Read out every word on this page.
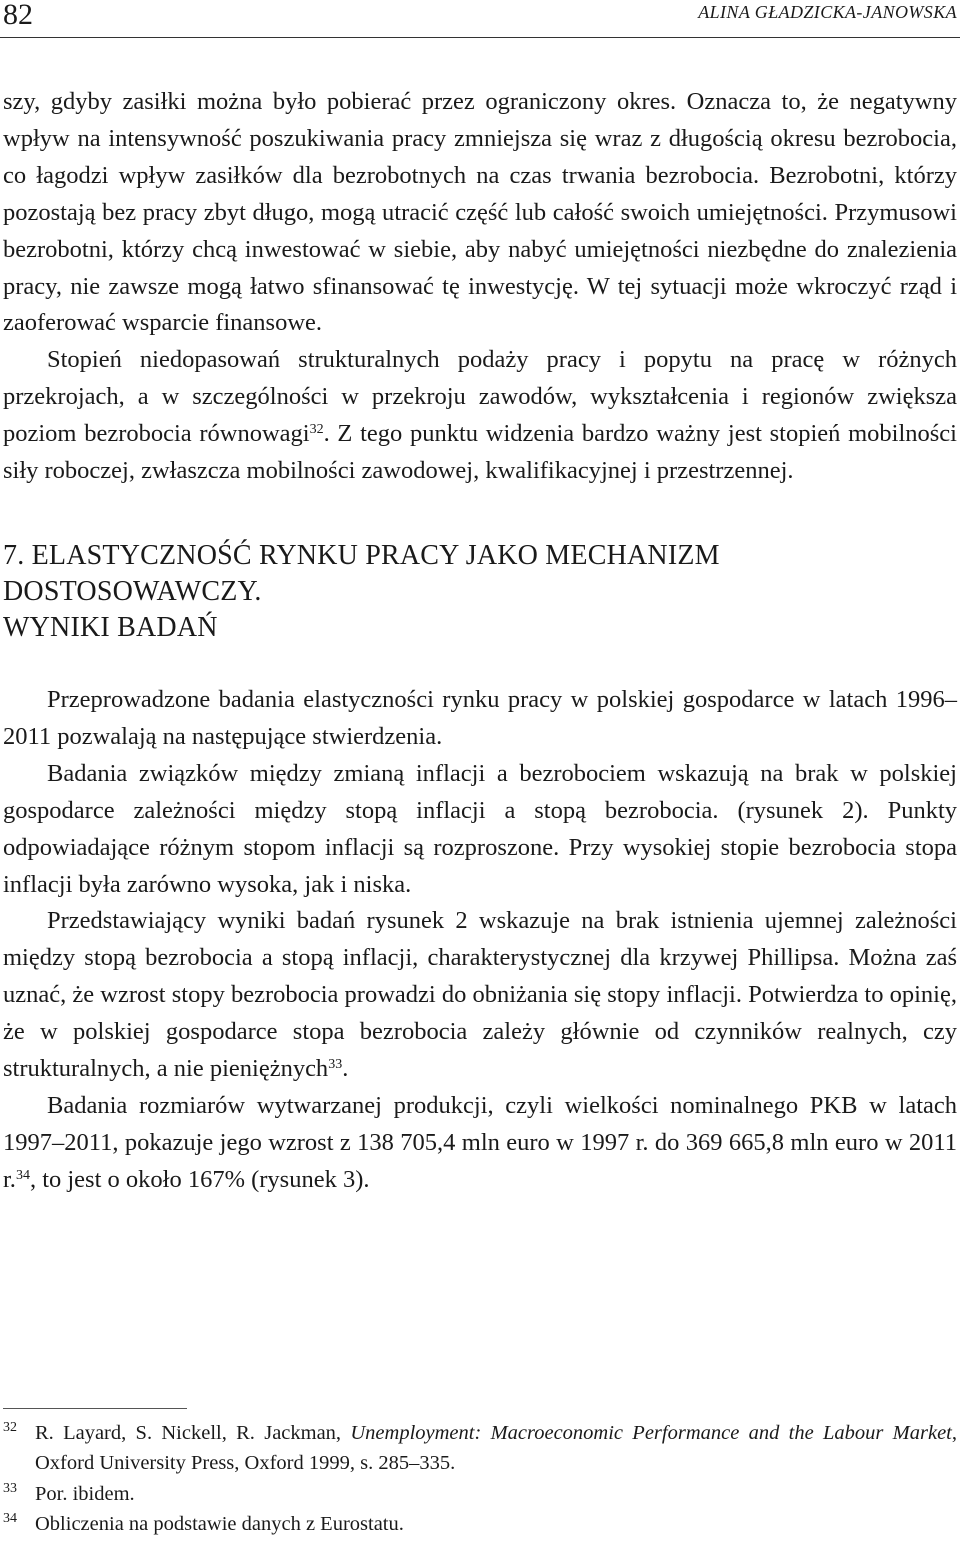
82	ALINA GŁADZICKA-JANOWSKA

szy, gdyby zasiłki można było pobierać przez ograniczony okres. Oznacza to, że negatywny wpływ na intensywność poszukiwania pracy zmniejsza się wraz z długością okresu bezrobocia, co łagodzi wpływ zasiłków dla bezrobotnych na czas trwania bezrobocia. Bezrobotni, którzy pozostają bez pracy zbyt długo, mogą utracić część lub całość swoich umiejętności. Przymusowi bezrobotni, którzy chcą inwestować w siebie, aby nabyć umiejętności niezbędne do znalezienia pracy, nie zawsze mogą łatwo sfinansować tę inwestycję. W tej sytuacji może wkroczyć rząd i zaoferować wsparcie finansowe.

Stopień niedopasowań strukturalnych podaży pracy i popytu na pracę w różnych przekrojach, a w szczególności w przekroju zawodów, wykształcenia i regionów zwiększa poziom bezrobocia równowagi$^{32}$. Z tego punktu widzenia bardzo ważny jest stopień mobilności siły roboczej, zwłaszcza mobilności zawodowej, kwalifikacyjnej i przestrzennej.

7. ELASTYCZNOŚĆ RYNKU PRACY JAKO MECHANIZM DOSTOSOWAWCZY.
WYNIKI BADAŃ

Przeprowadzone badania elastyczności rynku pracy w polskiej gospodarce w latach 1996–2011 pozwalają na następujące stwierdzenia.

Badania związków między zmianą inflacji a bezrobociem wskazują na brak w polskiej gospodarce zależności między stopą inflacji a stopą bezrobocia. (rysunek 2). Punkty odpowiadające różnym stopom inflacji są rozproszone. Przy wysokiej stopie bezrobocia stopa inflacji była zarówno wysoka, jak i niska.

Przedstawiający wyniki badań rysunek 2 wskazuje na brak istnienia ujemnej zależności między stopą bezrobocia a stopą inflacji, charakterystycznej dla krzywej Phillipsa. Można zaś uznać, że wzrost stopy bezrobocia prowadzi do obniżania się stopy inflacji. Potwierdza to opinię, że w polskiej gospodarce stopa bezrobocia zależy głównie od czynników realnych, czy strukturalnych, a nie pieniężnych$^{33}$.

Badania rozmiarów wytwarzanej produkcji, czyli wielkości nominalnego PKB w latach 1997–2011, pokazuje jego wzrost z 138 705,4 mln euro w 1997 r. do 369 665,8 mln euro w 2011 r.$^{34}$, to jest o około 167% (rysunek 3).

32 R. Layard, S. Nickell, R. Jackman, Unemployment: Macroeconomic Performance and the Labour Market, Oxford University Press, Oxford 1999, s. 285–335.
33 Por. ibidem.
34 Obliczenia na podstawie danych z Eurostatu.
